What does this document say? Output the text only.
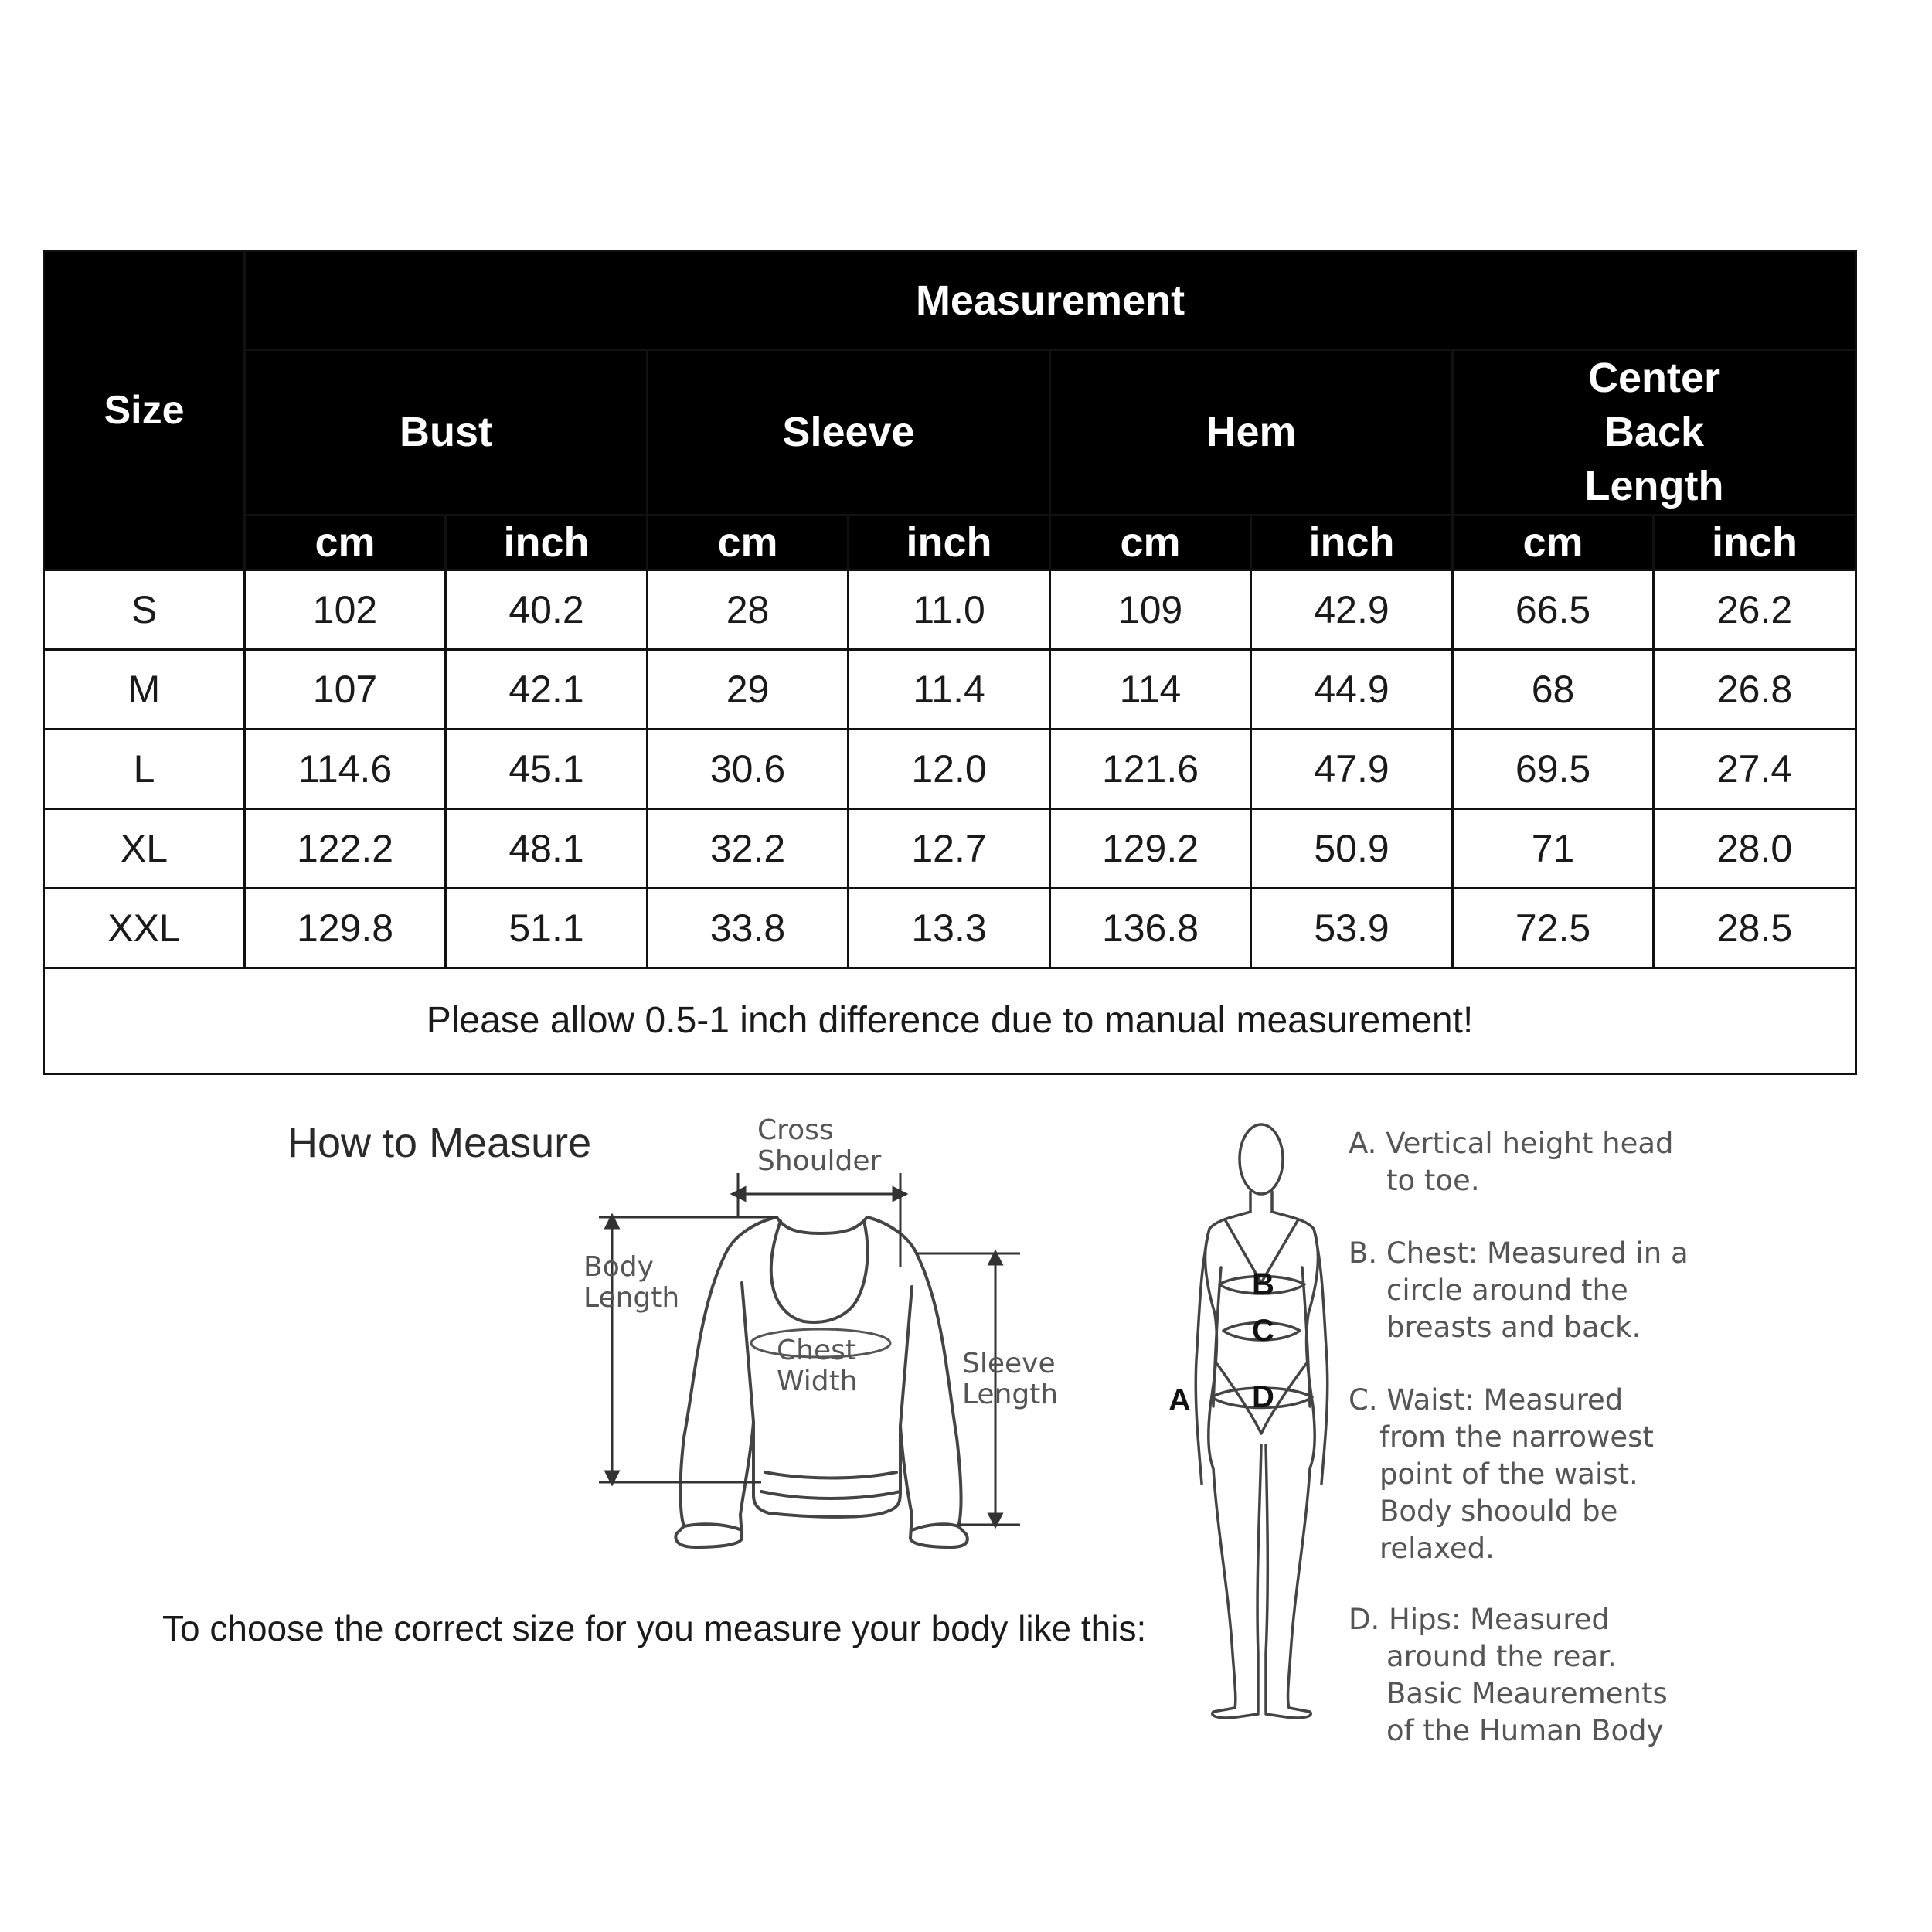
Size	Measurement							
	Bust		Sleeve		Hem		Center Back Length	
	cm	inch	cm	inch	cm	inch	cm	inch
S	102	40.2	28	11.0	109	42.9	66.5	26.2
M	107	42.1	29	11.4	114	44.9	68	26.8
L	114.6	45.1	30.6	12.0	121.6	47.9	69.5	27.4
XL	122.2	48.1	32.2	12.7	129.2	50.9	71	28.0
XXL	129.8	51.1	33.8	13.3	136.8	53.9	72.5	28.5
Please allow 0.5-1 inch difference due to manual measurement!								
How to Measure
To choose the correct size for you measure your body like this:
Cross
Shoulder
Body
Length
Chest
Width
Sleeve
Length	A
B
C
D
A. Vertical height head
to toe.
B. Chest: Measured in a
circle around the
breasts and back.
C. Waist: Measured
from the narrowest
point of the waist.
Body shoould be
relaxed.
D. Hips: Measured
around the rear.
Basic Meaurements
of the Human Body
